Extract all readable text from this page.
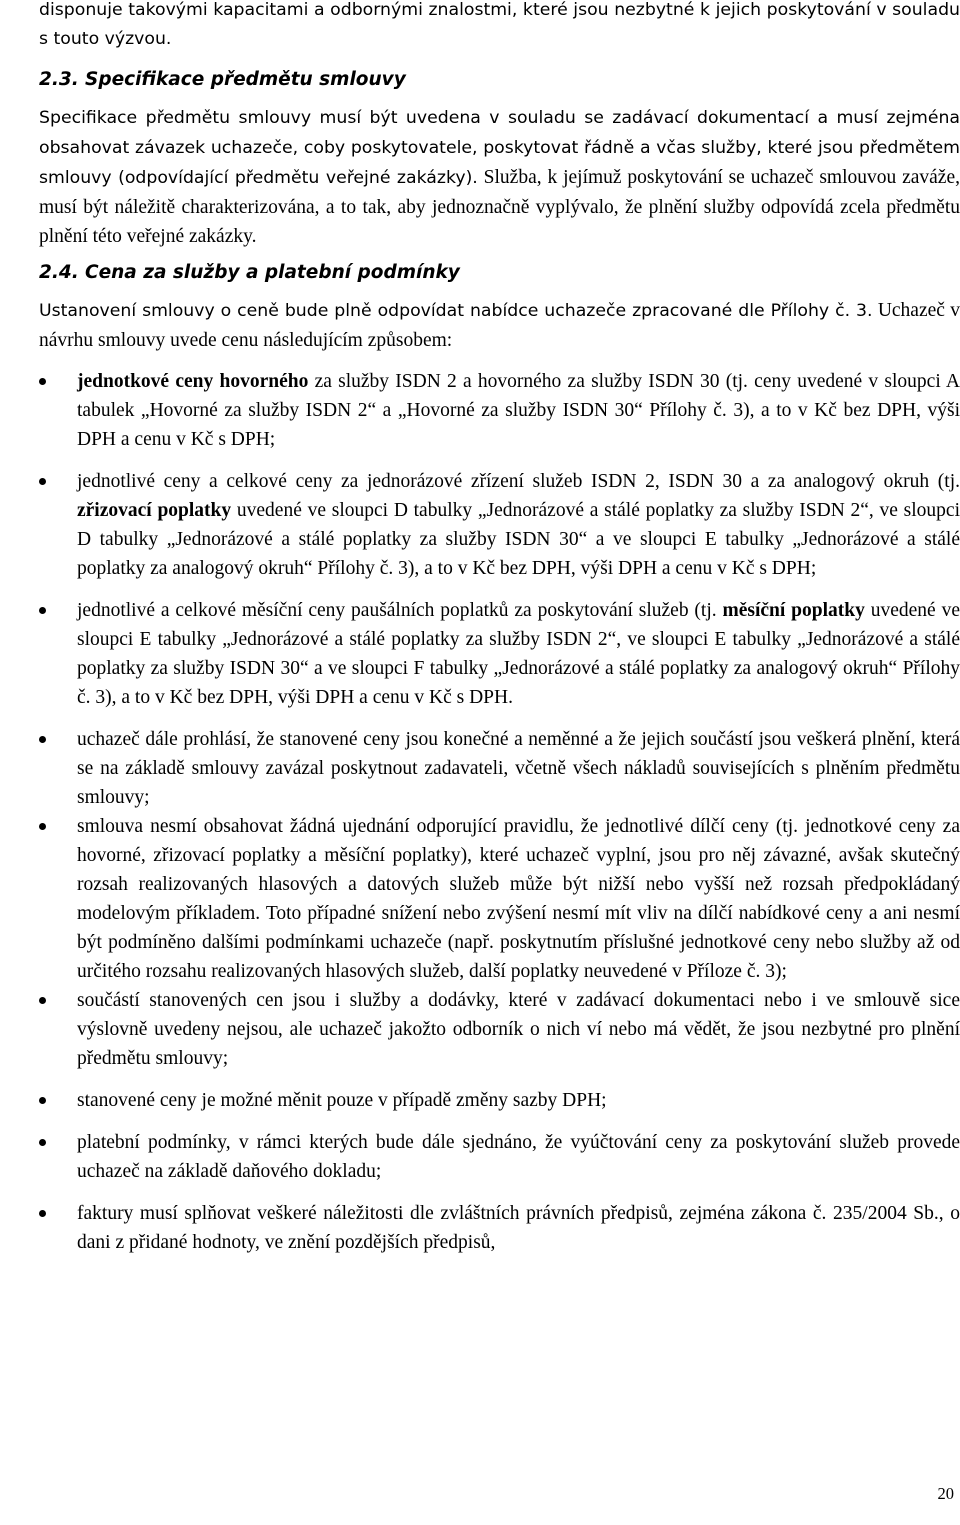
disponuje takovými kapacitami a odbornými znalostmi, které jsou nezbytné k jejich poskytování v souladu s touto výzvou.

2.3. Specifikace předmětu smlouvy

Specifikace předmětu smlouvy musí být uvedena v souladu se zadávací dokumentací a musí zejména obsahovat závazek uchazeče, coby poskytovatele, poskytovat řádně a včas služby, které jsou předmětem smlouvy (odpovídající předmětu veřejné zakázky). Služba, k jejímuž poskytování se uchazeč smlouvou zaváže, musí být náležitě charakterizována, a to tak, aby jednoznačně vyplývalo, že plnění služby odpovídá zcela předmětu plnění této veřejné zakázky.

2.4. Cena za služby a platební podmínky

Ustanovení smlouvy o ceně bude plně odpovídat nabídce uchazeče zpracované dle Přílohy č. 3. Uchazeč v návrhu smlouvy uvede cenu následujícím způsobem:

jednotkové ceny hovorného za služby ISDN 2 a hovorného za služby ISDN 30 (tj. ceny uvedené v sloupci A tabulek „Hovorné za služby ISDN 2“ a „Hovorné za služby ISDN 30“ Přílohy č. 3), a to v Kč bez DPH, výši DPH a cenu v Kč s DPH;
jednotlivé ceny a celkové ceny za jednorázové zřízení služeb ISDN 2, ISDN 30 a za analogový okruh (tj. zřizovací poplatky uvedené ve sloupci D tabulky „Jednorázové a stálé poplatky za služby ISDN 2“, ve sloupci D tabulky „Jednorázové a stálé poplatky za služby ISDN 30“ a ve sloupci E tabulky „Jednorázové a stálé poplatky za analogový okruh“ Přílohy č. 3), a to v Kč bez DPH, výši DPH a cenu v Kč s DPH;
jednotlivé a celkové měsíční ceny paušálních poplatků za poskytování služeb (tj. měsíční poplatky uvedené ve sloupci E tabulky „Jednorázové a stálé poplatky za služby ISDN 2“, ve sloupci E tabulky „Jednorázové a stálé poplatky za služby ISDN 30“ a ve sloupci F tabulky „Jednorázové a stálé poplatky za analogový okruh“ Přílohy č. 3), a to v Kč bez DPH, výši DPH a cenu v Kč s DPH.
uchazeč dále prohlásí, že stanovené ceny jsou konečné a neměnné a že jejich součástí jsou veškerá plnění, která se na základě smlouvy zavázal poskytnout zadavateli, včetně všech nákladů souvisejících s plněním předmětu smlouvy;
smlouva nesmí obsahovat žádná ujednání odporující pravidlu, že jednotlivé dílčí ceny (tj. jednotkové ceny za hovorné, zřizovací poplatky a měsíční poplatky), které uchazeč vyplní, jsou pro něj závazné, avšak skutečný rozsah realizovaných hlasových a datových služeb může být nižší nebo vyšší než rozsah předpokládaný modelovým příkladem. Toto případné snížení nebo zvýšení nesmí mít vliv na dílčí nabídkové ceny a ani nesmí být podmíněno dalšími podmínkami uchazeče (např. poskytnutím příslušné jednotkové ceny nebo služby až od určitého rozsahu realizovaných hlasových služeb, další poplatky neuvedené v Příloze č. 3);
součástí stanovených cen jsou i služby a dodávky, které v zadávací dokumentaci nebo i ve smlouvě sice výslovně uvedeny nejsou, ale uchazeč jakožto odborník o nich ví nebo má vědět, že jsou nezbytné pro plnění předmětu smlouvy;
stanovené ceny je možné měnit pouze v případě změny sazby DPH;
platební podmínky, v rámci kterých bude dále sjednáno, že vyúčtování ceny za poskytování služeb provede uchazeč na základě daňového dokladu;
faktury musí splňovat veškeré náležitosti dle zvláštních právních předpisů, zejména zákona č. 235/2004 Sb., o dani z přidané hodnoty, ve znění pozdějších předpisů,
20
